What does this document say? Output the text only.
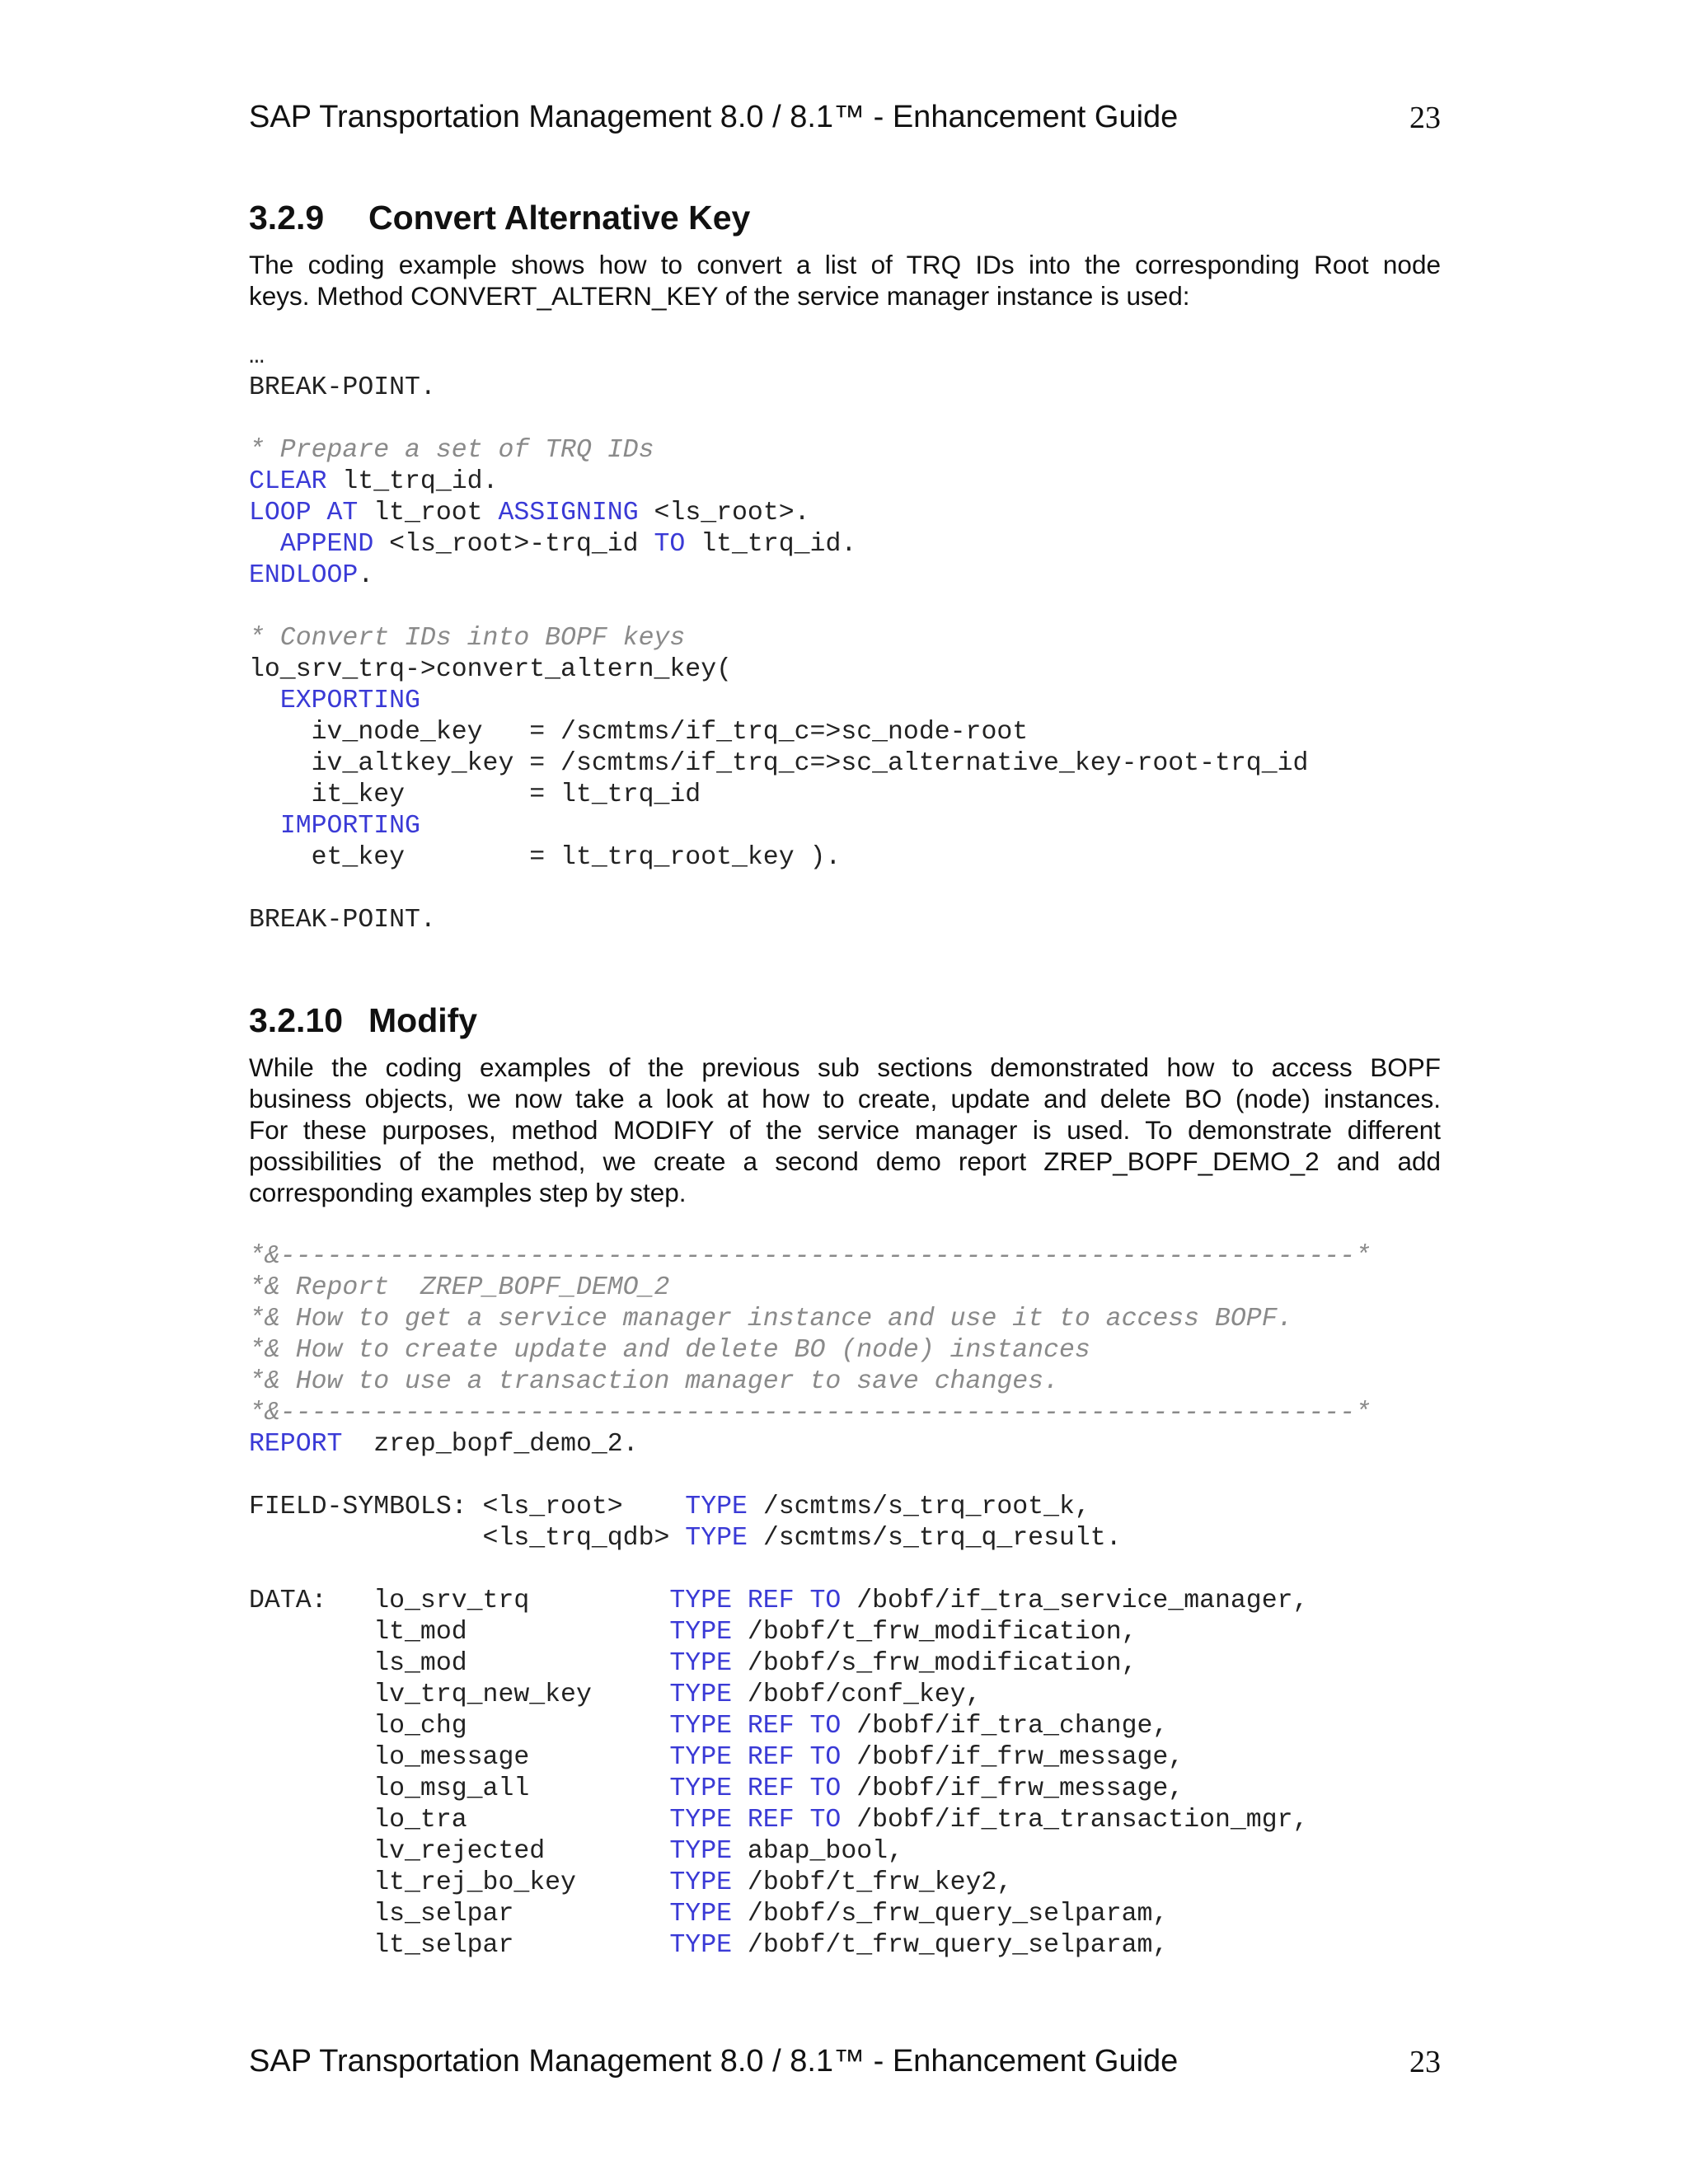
SAP Transportation Management 8.0 / 8.1™ - Enhancement Guide	23
3.2.9 Convert Alternative Key
The coding example shows how to convert a list of TRQ IDs into the corresponding Root node
keys. Method CONVERT_ALTERN_KEY of the service manager instance is used:
…
BREAK-POINT.
* Prepare a set of TRQ IDs
CLEAR lt_trq_id.
LOOP AT lt_root ASSIGNING <ls_root>.
APPEND <ls_root>-trq_id TO lt_trq_id.
ENDLOOP.
* Convert IDs into BOPF keys
lo_srv_trq->convert_altern_key(
EXPORTING
iv_node_key   = /scmtms/if_trq_c=>sc_node-root
iv_altkey_key = /scmtms/if_trq_c=>sc_alternative_key-root-trq_id
it_key        = lt_trq_id
IMPORTING
et_key        = lt_trq_root_key ).
BREAK-POINT.
3.2.10 Modify
While the coding examples of the previous sub sections demonstrated how to access BOPF
business objects, we now take a look at how to create, update and delete BO (node) instances.
For these purposes, method MODIFY of the service manager is used. To demonstrate different
possibilities of the method, we create a second demo report ZREP_BOPF_DEMO_2 and add
corresponding examples step by step.
*&---------------------------------------------------------------------*
*& Report  ZREP_BOPF_DEMO_2
*& How to get a service manager instance and use it to access BOPF.
*& How to create update and delete BO (node) instances
*& How to use a transaction manager to save changes.
*&---------------------------------------------------------------------*
REPORT  zrep_bopf_demo_2.
FIELD-SYMBOLS: <ls_root>    TYPE /scmtms/s_trq_root_k,
<ls_trq_qdb> TYPE /scmtms/s_trq_q_result.
DATA:   lo_srv_trq         TYPE REF TO /bobf/if_tra_service_manager,
lt_mod             TYPE /bobf/t_frw_modification,
ls_mod             TYPE /bobf/s_frw_modification,
lv_trq_new_key     TYPE /bobf/conf_key,
lo_chg             TYPE REF TO /bobf/if_tra_change,
lo_message         TYPE REF TO /bobf/if_frw_message,
lo_msg_all         TYPE REF TO /bobf/if_frw_message,
lo_tra             TYPE REF TO /bobf/if_tra_transaction_mgr,
lv_rejected        TYPE abap_bool,
lt_rej_bo_key      TYPE /bobf/t_frw_key2,
ls_selpar          TYPE /bobf/s_frw_query_selparam,
lt_selpar          TYPE /bobf/t_frw_query_selparam,
SAP Transportation Management 8.0 / 8.1™ - Enhancement Guide	23
